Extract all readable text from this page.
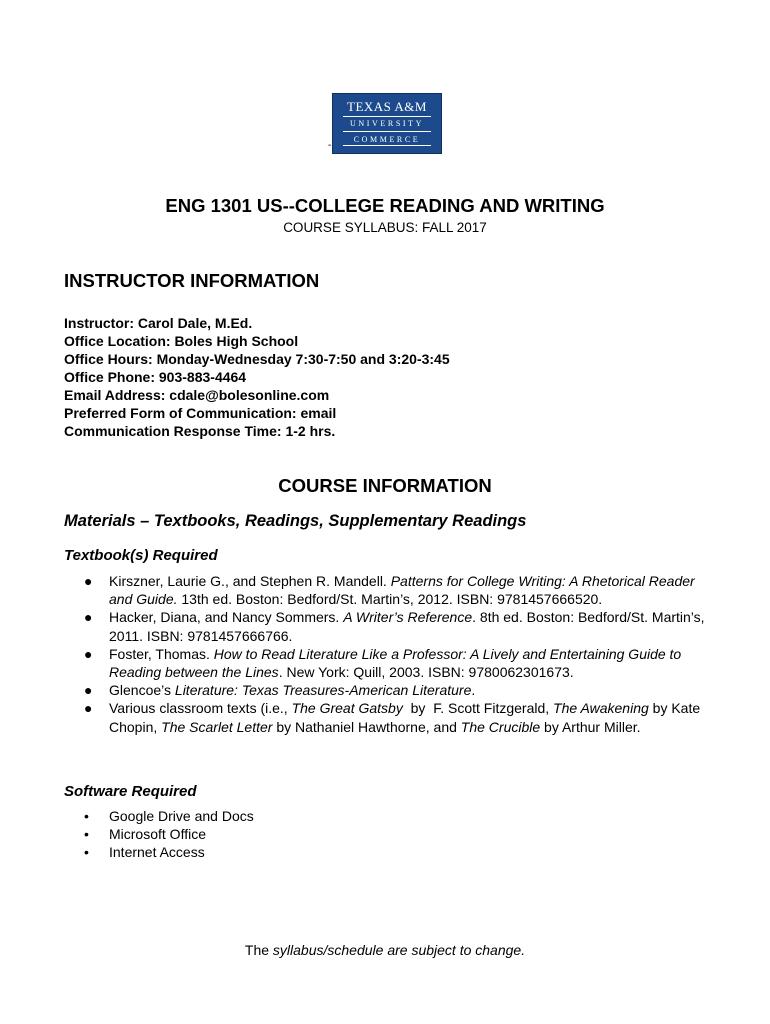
TEXAS A&M
UNIVERSITY
COMMERCE
-
ENG 1301 US--COLLEGE READING AND WRITING
COURSE SYLLABUS: FALL 2017
INSTRUCTOR INFORMATION
Instructor: Carol Dale, M.Ed.
Office Location: Boles High School
Office Hours: Monday-Wednesday 7:30-7:50 and 3:20-3:45
Office Phone: 903-883-4464
Email Address: cdale@bolesonline.com
Preferred Form of Communication: email
Communication Response Time: 1-2 hrs.
COURSE INFORMATION
Materials – Textbooks, Readings, Supplementary Readings
Textbook(s) Required
● Kirszner, Laurie G., and Stephen R. Mandell. Patterns for College Writing: A Rhetorical Reader and Guide. 13th ed. Boston: Bedford/St. Martin’s, 2012. ISBN: 9781457666520.
● Hacker, Diana, and Nancy Sommers. A Writer’s Reference. 8th ed. Boston: Bedford/St. Martin’s, 2011. ISBN: 9781457666766.
● Foster, Thomas. How to Read Literature Like a Professor: A Lively and Entertaining Guide to Reading between the Lines. New York: Quill, 2003. ISBN: 9780062301673.
● Glencoe’s Literature: Texas Treasures-American Literature.
● Various classroom texts (i.e., The Great Gatsby  by  F. Scott Fitzgerald, The Awakening by Kate Chopin, The Scarlet Letter by Nathaniel Hawthorne, and The Crucible by Arthur Miller.
Software Required
• Google Drive and Docs
• Microsoft Office
• Internet Access
The syllabus/schedule are subject to change.
